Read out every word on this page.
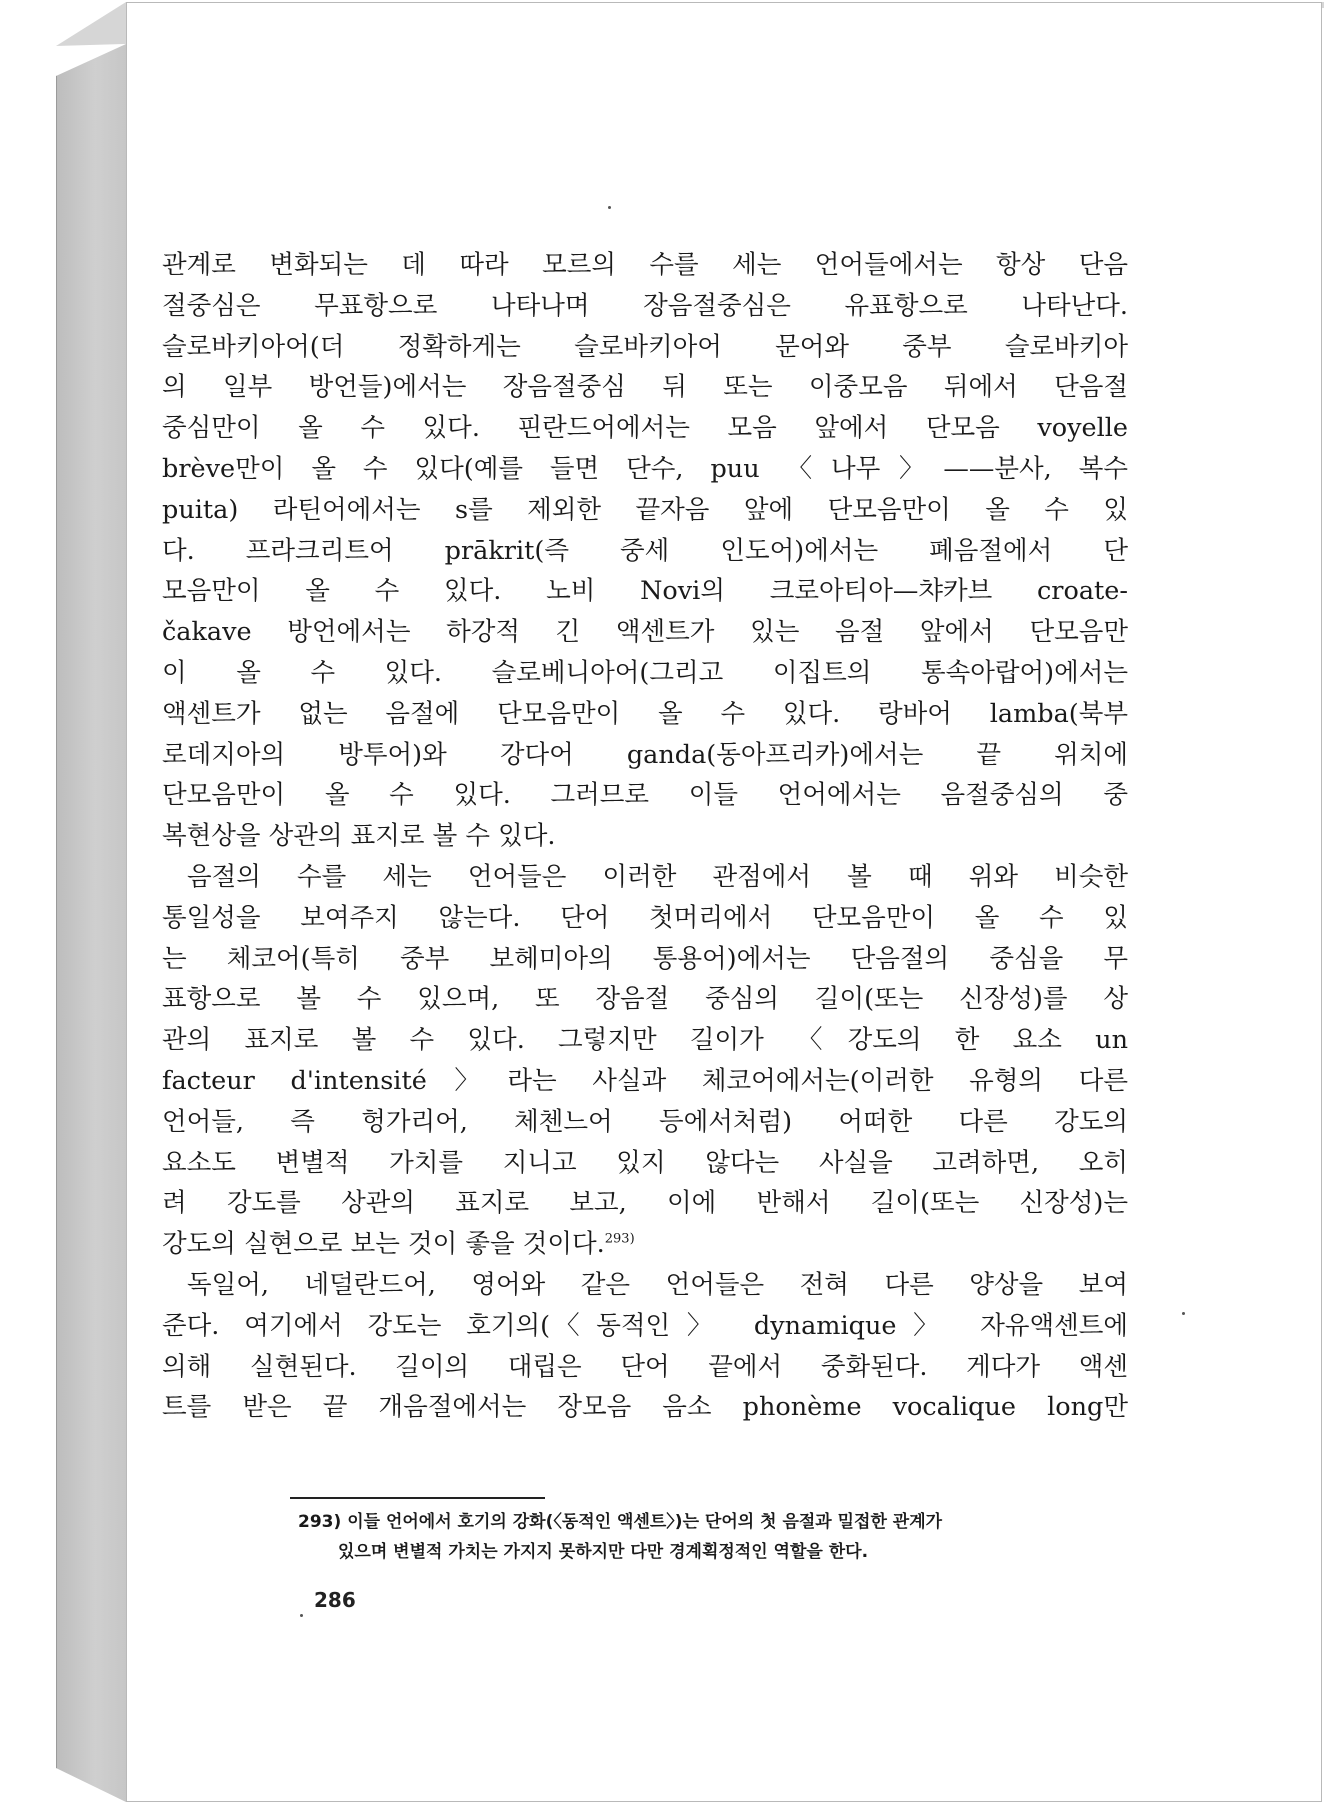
관계로 변화되는 데 따라 모르의 수를 세는 언어들에서는 항상 단음
절중심은 무표항으로 나타나며 장음절중심은 유표항으로 나타난다.
슬로바키아어(더 정확하게는 슬로바키아어 문어와 중부 슬로바키아
의 일부 방언들)에서는 장음절중심 뒤 또는 이중모음 뒤에서 단음절
중심만이 올 수 있다. 핀란드어에서는 모음 앞에서 단모음 voyelle
brève만이 올 수 있다(예를 들면 단수, puu 〈나무〉——분사, 복수
puita) 라틴어에서는 s를 제외한 끝자음 앞에 단모음만이 올 수 있
다. 프라크리트어 prākrit(즉 중세 인도어)에서는 폐음절에서 단
모음만이 올 수 있다. 노비 Novi의 크로아티아—챠카브 croate-
čakave 방언에서는 하강적 긴 액센트가 있는 음절 앞에서 단모음만
이 올 수 있다. 슬로베니아어(그리고 이집트의 통속아랍어)에서는
액센트가 없는 음절에 단모음만이 올 수 있다. 랑바어 lamba(북부
로데지아의 방투어)와 강다어 ganda(동아프리카)에서는 끝 위치에
단모음만이 올 수 있다. 그러므로 이들 언어에서는 음절중심의 중
복현상을 상관의 표지로 볼 수 있다.
음절의 수를 세는 언어들은 이러한 관점에서 볼 때 위와 비슷한
통일성을 보여주지 않는다. 단어 첫머리에서 단모음만이 올 수 있
는 체코어(특히 중부 보헤미아의 통용어)에서는 단음절의 중심을 무
표항으로 볼 수 있으며, 또 장음절 중심의 길이(또는 신장성)를 상
관의 표지로 볼 수 있다. 그렇지만 길이가 〈강도의 한 요소 un
facteur d'intensité〉라는 사실과 체코어에서는(이러한 유형의 다른
언어들, 즉 헝가리어, 체첸느어 등에서처럼) 어떠한 다른 강도의
요소도 변별적 가치를 지니고 있지 않다는 사실을 고려하면, 오히
려 강도를 상관의 표지로 보고, 이에 반해서 길이(또는 신장성)는
강도의 실현으로 보는 것이 좋을 것이다.$^{293)}$
독일어, 네덜란드어, 영어와 같은 언어들은 전혀 다른 양상을 보여
준다. 여기에서 강도는 호기의(〈동적인〉 dynamique〉 자유액센트에
의해 실현된다. 길이의 대립은 단어 끝에서 중화된다. 게다가 액센
트를 받은 끝 개음절에서는 장모음 음소 phonème vocalique long만
293) 이들 언어에서 호기의 강화(〈동적인 액센트〉)는 단어의 첫 음절과 밀접한 관계가
있으며 변별적 가치는 가지지 못하지만 다만 경계획정적인 역할을 한다.
286
